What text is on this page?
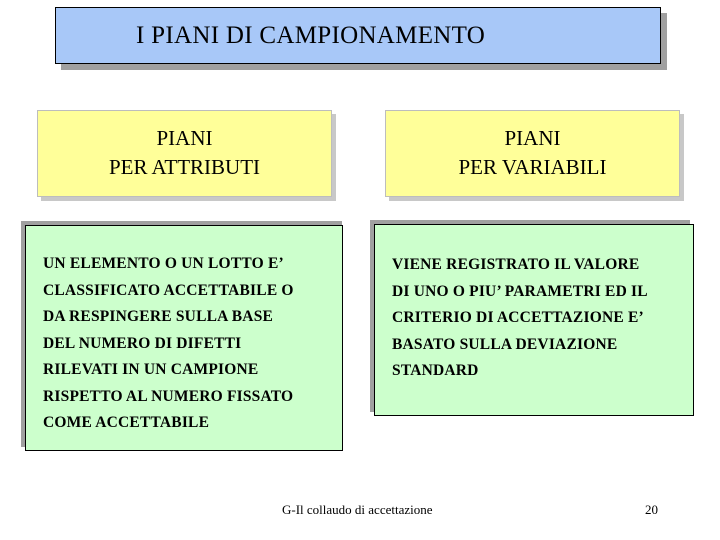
I PIANI DI CAMPIONAMENTO
PIANI
PER ATTRIBUTI
PIANI
PER VARIABILI
UN ELEMENTO O UN LOTTO E’
CLASSIFICATO ACCETTABILE O
DA RESPINGERE SULLA BASE
DEL NUMERO DI DIFETTI
RILEVATI IN UN CAMPIONE
RISPETTO AL NUMERO FISSATO
COME ACCETTABILE
VIENE REGISTRATO IL VALORE
DI UNO O PIU’ PARAMETRI ED IL
CRITERIO DI ACCETTAZIONE E’
BASATO SULLA DEVIAZIONE
STANDARD
G-Il collaudo di accettazione	20
